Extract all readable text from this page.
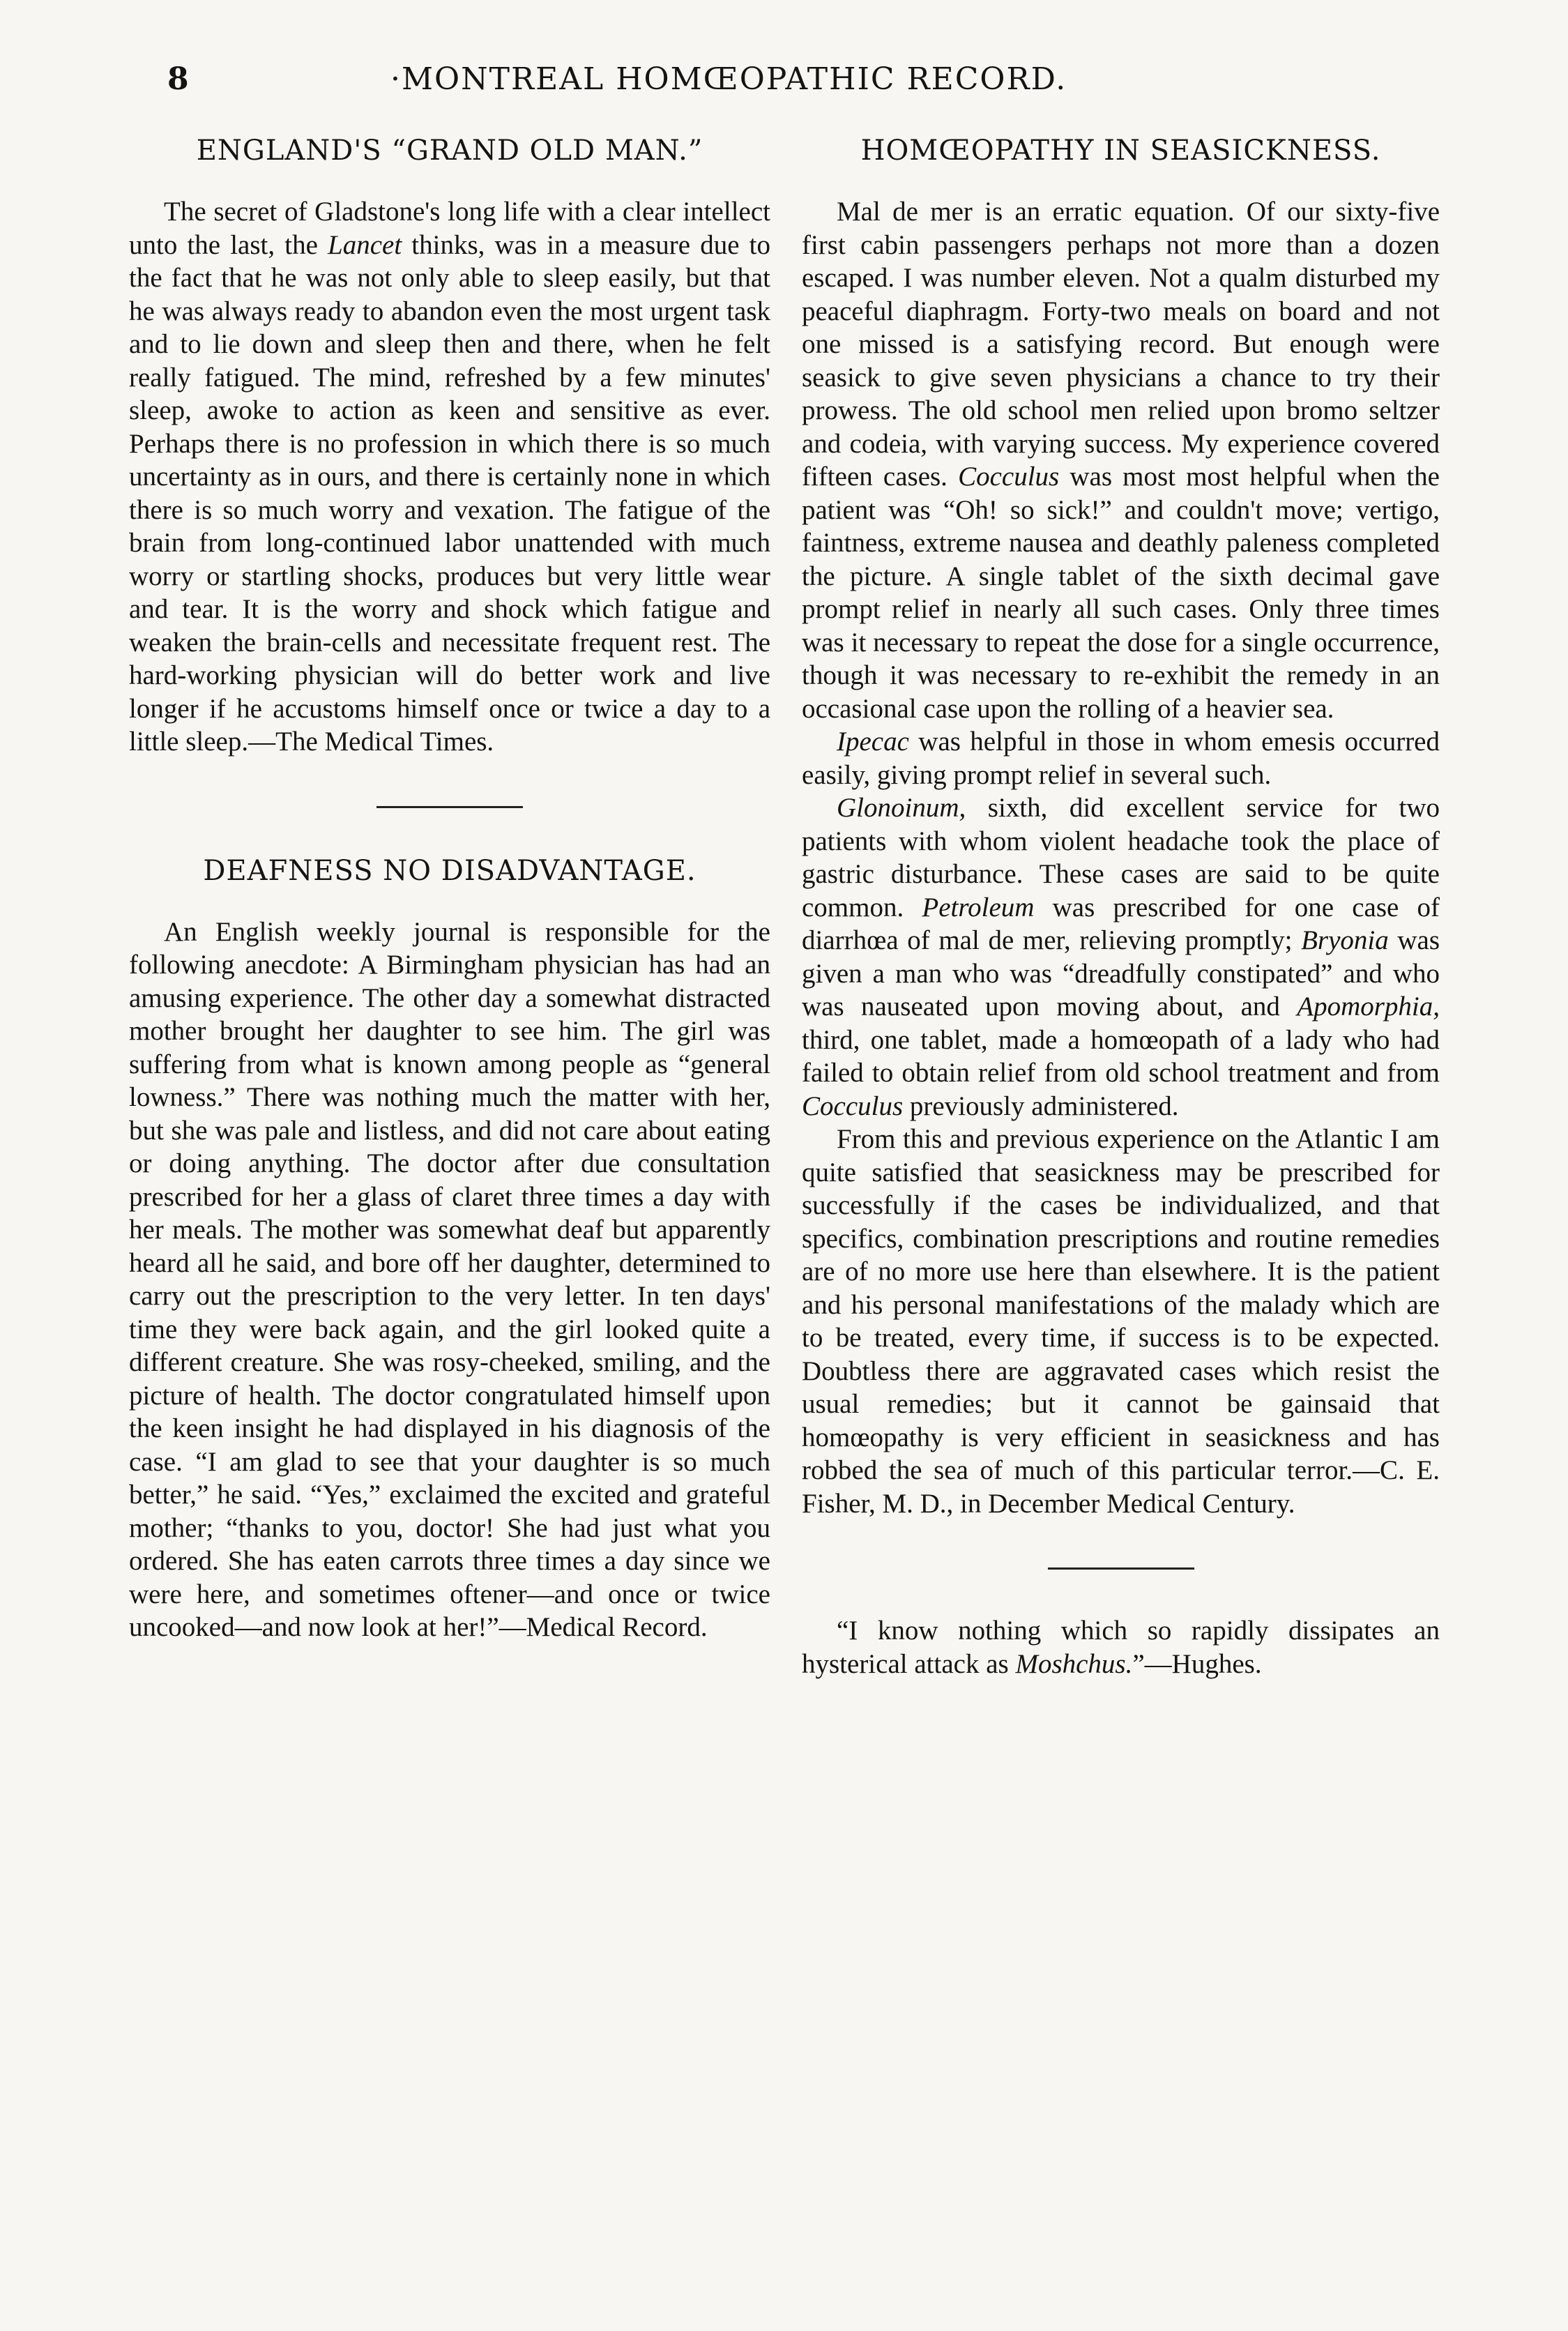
8	·MONTREAL HOMŒOPATHIC RECORD.
ENGLAND'S “GRAND OLD MAN.”

The secret of Gladstone's long life with a clear intellect unto the last, the Lancet thinks, was in a measure due to the fact that he was not only able to sleep easily, but that he was always ready to abandon even the most urgent task and to lie down and sleep then and there, when he felt really fatigued. The mind, refreshed by a few minutes' sleep, awoke to action as keen and sensitive as ever. Perhaps there is no profession in which there is so much uncertainty as in ours, and there is certainly none in which there is so much worry and vexation. The fatigue of the brain from long-continued labor unattended with much worry or startling shocks, produces but very little wear and tear. It is the worry and shock which fatigue and weaken the brain-cells and necessitate frequent rest. The hard-working physician will do better work and live longer if he accustoms himself once or twice a day to a little sleep.—The Medical Times.

DEAFNESS NO DISADVANTAGE.

An English weekly journal is responsible for the following anecdote: A Birmingham physician has had an amusing experience. The other day a somewhat distracted mother brought her daughter to see him. The girl was suffering from what is known among people as “general lowness.” There was nothing much the matter with her, but she was pale and listless, and did not care about eating or doing anything. The doctor after due consultation prescribed for her a glass of claret three times a day with her meals. The mother was somewhat deaf but apparently heard all he said, and bore off her daughter, determined to carry out the prescription to the very letter. In ten days' time they were back again, and the girl looked quite a different creature. She was rosy-cheeked, smiling, and the picture of health. The doctor congratulated himself upon the keen insight he had displayed in his diagnosis of the case. “I am glad to see that your daughter is so much better,” he said. “Yes,” exclaimed the excited and grateful mother; “thanks to you, doctor! She had just what you ordered. She has eaten carrots three times a day since we were here, and sometimes oftener—and once or twice uncooked—and now look at her!”—Medical Record.

HOMŒOPATHY IN SEASICKNESS.

Mal de mer is an erratic equation. Of our sixty-five first cabin passengers perhaps not more than a dozen escaped. I was number eleven. Not a qualm disturbed my peaceful diaphragm. Forty-two meals on board and not one missed is a satisfying record. But enough were seasick to give seven physicians a chance to try their prowess. The old school men relied upon bromo seltzer and codeia, with varying success. My experience covered fifteen cases. Cocculus was most most helpful when the patient was “Oh! so sick!” and couldn't move; vertigo, faintness, extreme nausea and deathly paleness completed the picture. A single tablet of the sixth decimal gave prompt relief in nearly all such cases. Only three times was it necessary to repeat the dose for a single occurrence, though it was necessary to re-exhibit the remedy in an occasional case upon the rolling of a heavier sea.

Ipecac was helpful in those in whom emesis occurred easily, giving prompt relief in several such.

Glonoinum, sixth, did excellent service for two patients with whom violent headache took the place of gastric disturbance. These cases are said to be quite common. Petroleum was prescribed for one case of diarrhœa of mal de mer, relieving promptly; Bryonia was given a man who was “dreadfully constipated” and who was nauseated upon moving about, and Apomorphia, third, one tablet, made a homœopath of a lady who had failed to obtain relief from old school treatment and from Cocculus previously administered.

From this and previous experience on the Atlantic I am quite satisfied that seasickness may be prescribed for successfully if the cases be individualized, and that specifics, combination prescriptions and routine remedies are of no more use here than elsewhere. It is the patient and his personal manifestations of the malady which are to be treated, every time, if success is to be expected. Doubtless there are aggravated cases which resist the usual remedies; but it cannot be gainsaid that homœopathy is very efficient in seasickness and has robbed the sea of much of this particular terror.—C. E. Fisher, M. D., in December Medical Century.

“I know nothing which so rapidly dissipates an hysterical attack as Moshchus.”—Hughes.
